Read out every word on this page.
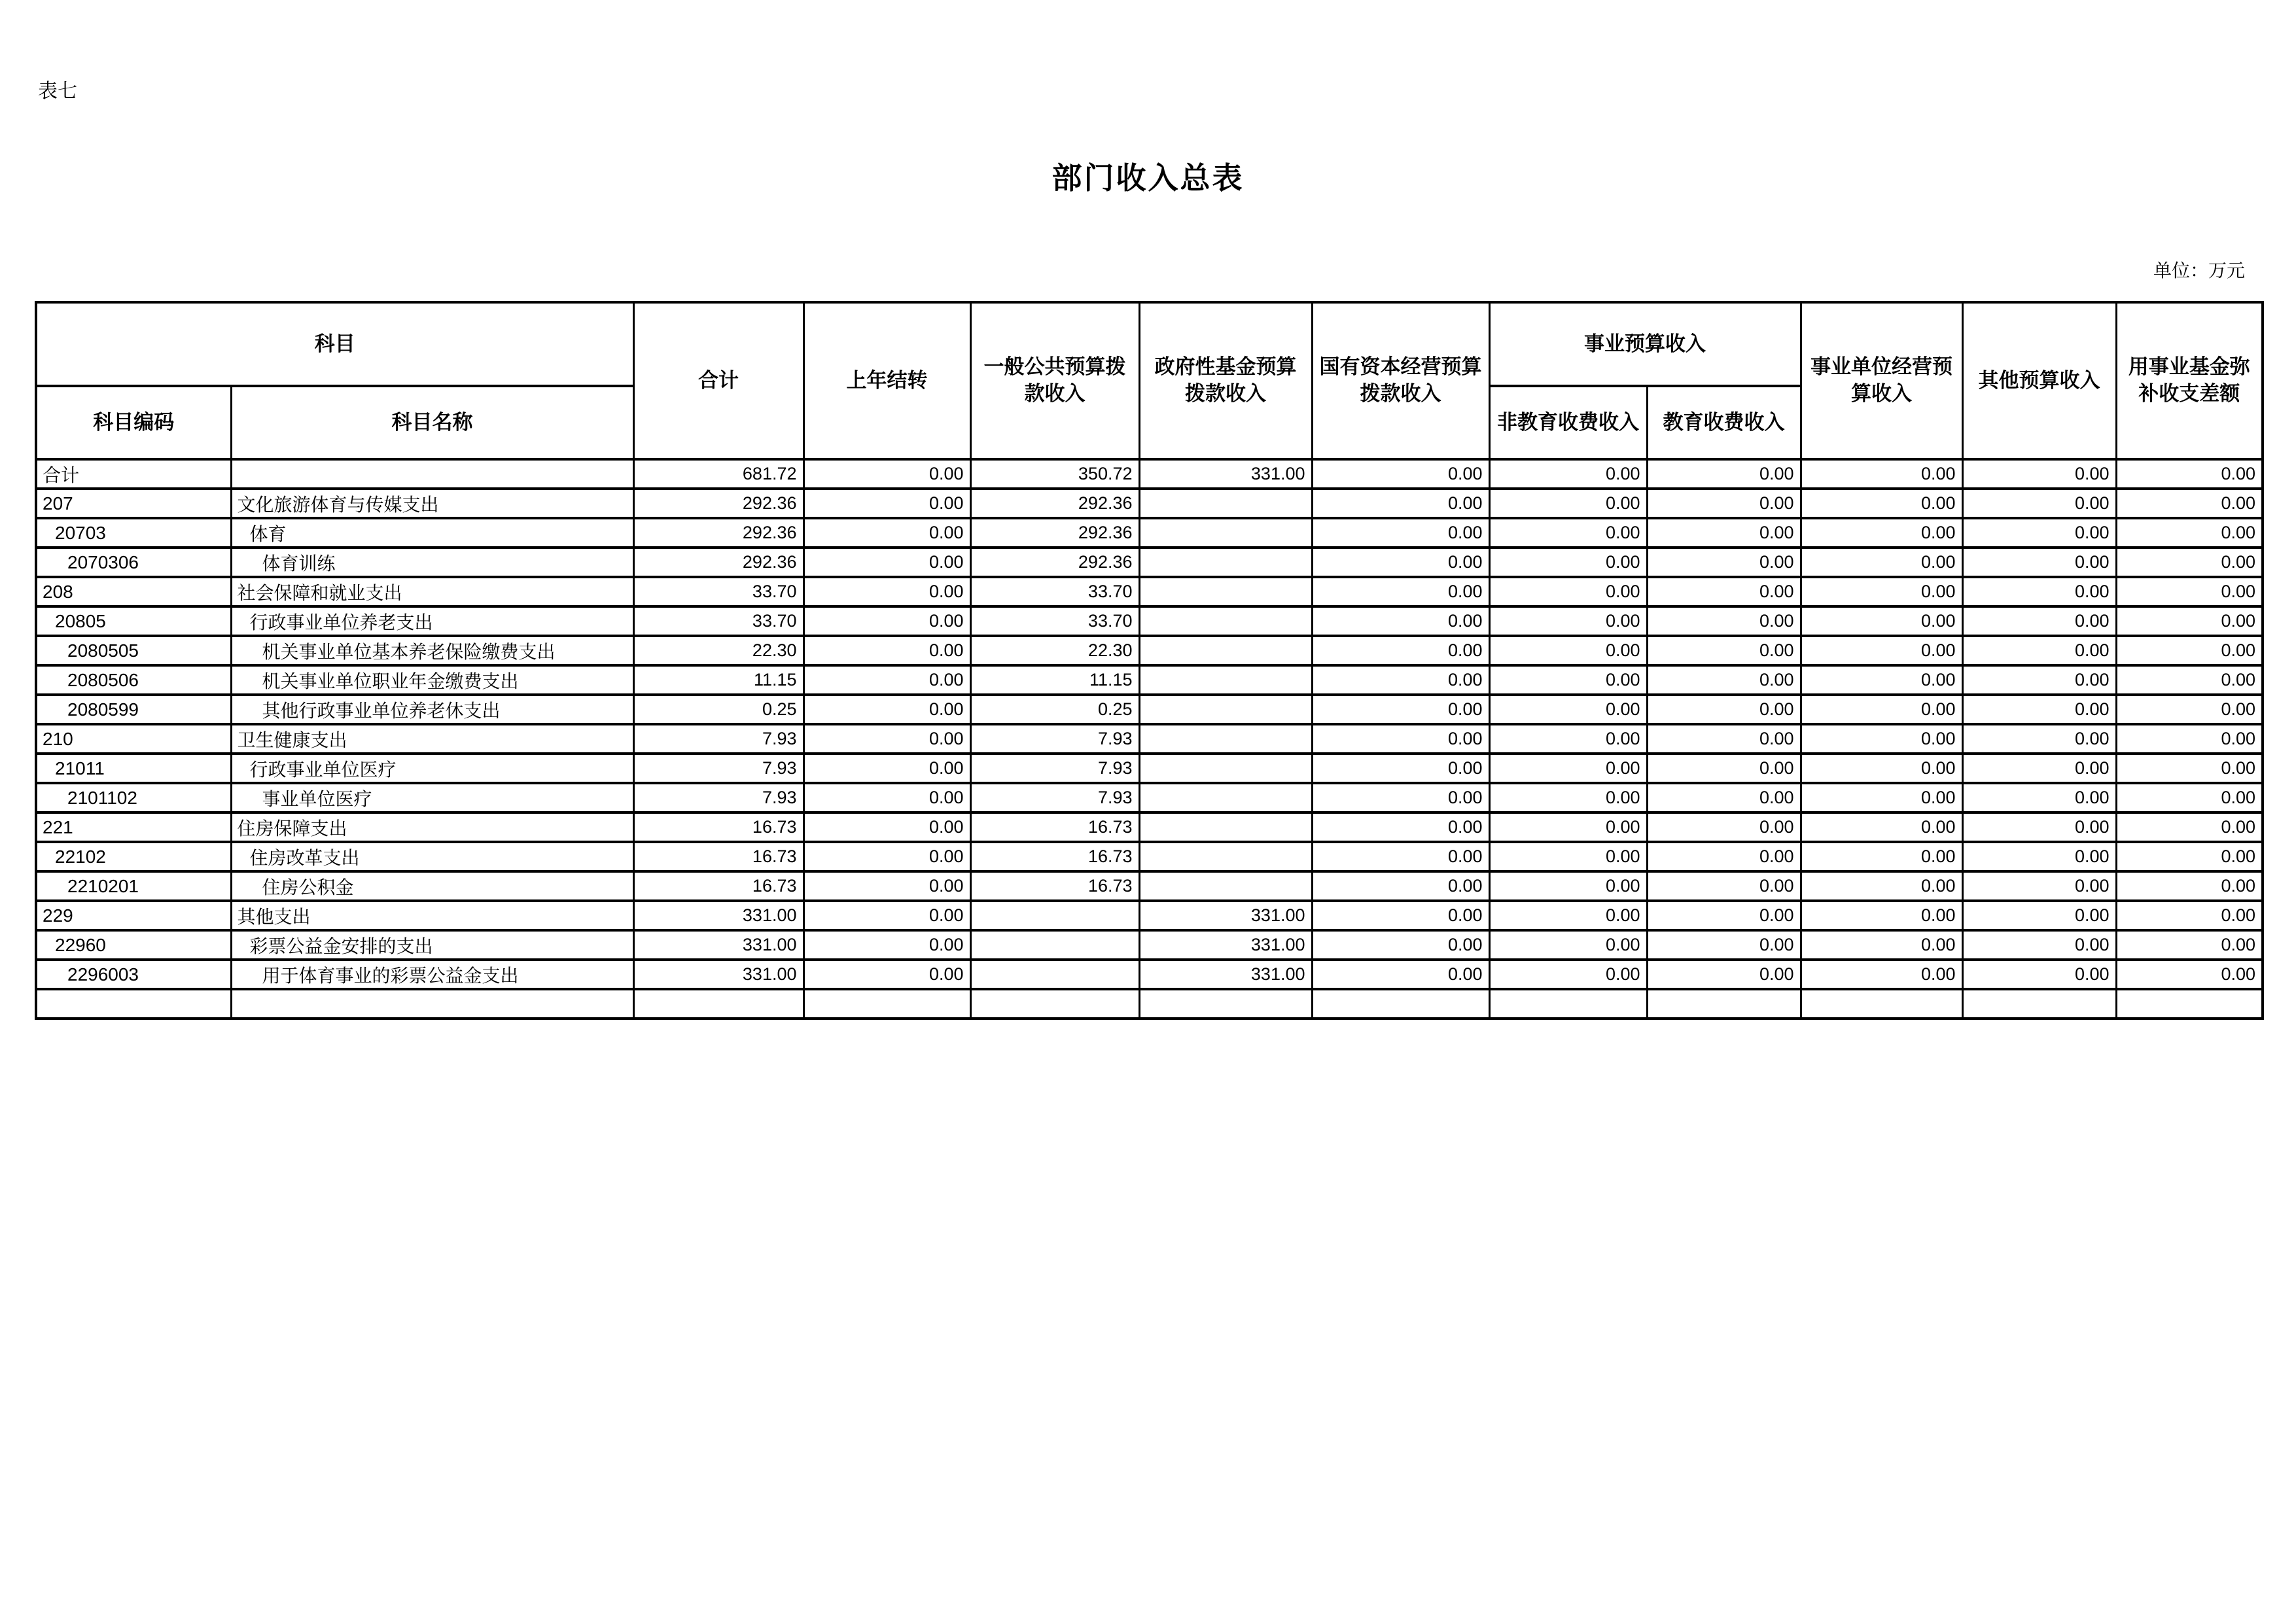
表七
部门收入总表
单位：万元
科目		合计	上年结转	一般公共预算拨款收入	政府性基金预算拨款收入	国有资本经营预算拨款收入	事业预算收入		事业单位经营预算收入	其他预算收入	用事业基金弥补收支差额
科目编码	科目名称						非教育收费收入	教育收费收入			
合计		681.72	0.00	350.72	331.00	0.00	0.00	0.00	0.00	0.00	0.00
207	文化旅游体育与传媒支出	292.36	0.00	292.36		0.00	0.00	0.00	0.00	0.00	0.00
20703	体育	292.36	0.00	292.36		0.00	0.00	0.00	0.00	0.00	0.00
2070306	体育训练	292.36	0.00	292.36		0.00	0.00	0.00	0.00	0.00	0.00
208	社会保障和就业支出	33.70	0.00	33.70		0.00	0.00	0.00	0.00	0.00	0.00
20805	行政事业单位养老支出	33.70	0.00	33.70		0.00	0.00	0.00	0.00	0.00	0.00
2080505	机关事业单位基本养老保险缴费支出	22.30	0.00	22.30		0.00	0.00	0.00	0.00	0.00	0.00
2080506	机关事业单位职业年金缴费支出	11.15	0.00	11.15		0.00	0.00	0.00	0.00	0.00	0.00
2080599	其他行政事业单位养老休支出	0.25	0.00	0.25		0.00	0.00	0.00	0.00	0.00	0.00
210	卫生健康支出	7.93	0.00	7.93		0.00	0.00	0.00	0.00	0.00	0.00
21011	行政事业单位医疗	7.93	0.00	7.93		0.00	0.00	0.00	0.00	0.00	0.00
2101102	事业单位医疗	7.93	0.00	7.93		0.00	0.00	0.00	0.00	0.00	0.00
221	住房保障支出	16.73	0.00	16.73		0.00	0.00	0.00	0.00	0.00	0.00
22102	住房改革支出	16.73	0.00	16.73		0.00	0.00	0.00	0.00	0.00	0.00
2210201	住房公积金	16.73	0.00	16.73		0.00	0.00	0.00	0.00	0.00	0.00
229	其他支出	331.00	0.00		331.00	0.00	0.00	0.00	0.00	0.00	0.00
22960	彩票公益金安排的支出	331.00	0.00		331.00	0.00	0.00	0.00	0.00	0.00	0.00
2296003	用于体育事业的彩票公益金支出	331.00	0.00		331.00	0.00	0.00	0.00	0.00	0.00	0.00
